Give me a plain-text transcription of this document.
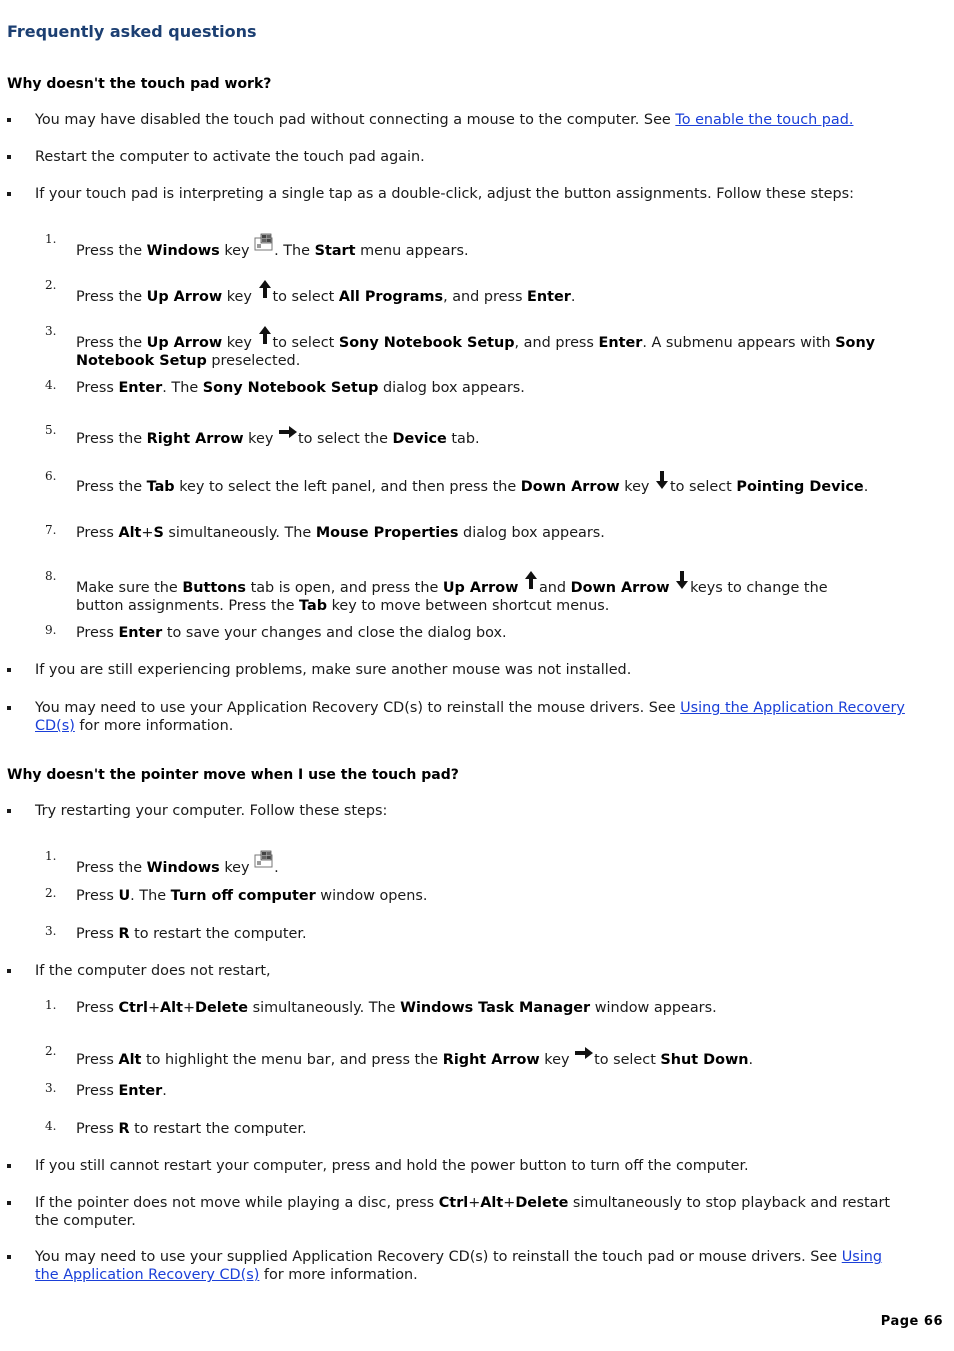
Frequently asked questions
Why doesn't the touch pad work?
You may have disabled the touch pad without connecting a mouse to the computer. See To enable the touch pad.
Restart the computer to activate the touch pad again.
If your touch pad is interpreting a single tap as a double-click, adjust the button assignments. Follow these steps:
1.
Press the Windows key . The Start menu appears.
2.
Press the Up Arrow key to select All Programs, and press Enter.
3.
Press the Up Arrow key to select Sony Notebook Setup, and press Enter. A submenu appears with Sony Notebook Setup preselected.
4. Press Enter. The Sony Notebook Setup dialog box appears.
5.
Press the Right Arrow key to select the Device tab.
6.
Press the Tab key to select the left panel, and then press the Down Arrow key to select Pointing Device.
7. Press Alt+S simultaneously. The Mouse Properties dialog box appears.
8.
Make sure the Buttons tab is open, and press the Up Arrow and Down Arrow keys to change the button assignments. Press the Tab key to move between shortcut menus.
9. Press Enter to save your changes and close the dialog box.
If you are still experiencing problems, make sure another mouse was not installed.
You may need to use your Application Recovery CD(s) to reinstall the mouse drivers. See Using the Application Recovery CD(s) for more information.
Why doesn't the pointer move when I use the touch pad?
Try restarting your computer. Follow these steps:
1.
Press the Windows key .
2. Press U. The Turn off computer window opens.
3. Press R to restart the computer.
If the computer does not restart,
1. Press Ctrl+Alt+Delete simultaneously. The Windows Task Manager window appears.
2.
Press Alt to highlight the menu bar, and press the Right Arrow key to select Shut Down.
3. Press Enter.
4. Press R to restart the computer.
If you still cannot restart your computer, press and hold the power button to turn off the computer.
If the pointer does not move while playing a disc, press Ctrl+Alt+Delete simultaneously to stop playback and restart the computer.
You may need to use your supplied Application Recovery CD(s) to reinstall the touch pad or mouse drivers. See Using the Application Recovery CD(s) for more information.
Page 66
